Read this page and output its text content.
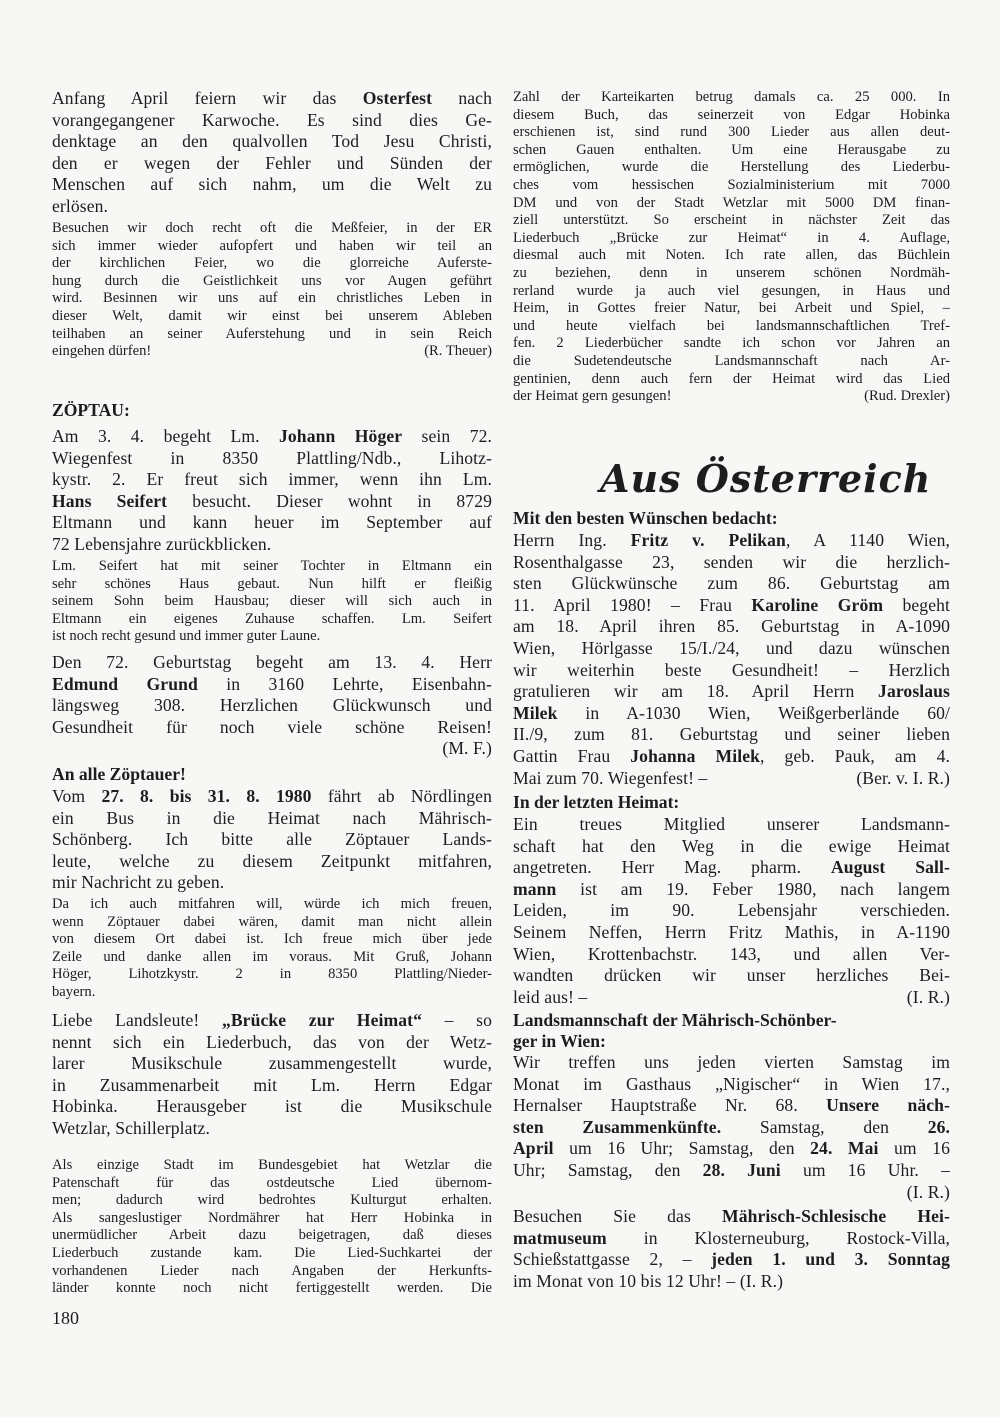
Anfang April feiern wir das Osterfest nach
vorangegangener Karwoche. Es sind dies Ge-
denktage an den qualvollen Tod Jesu Christi,
den er wegen der Fehler und Sünden der
Menschen auf sich nahm, um die Welt zu
erlösen.
Besuchen wir doch recht oft die Meßfeier, in der ER
sich immer wieder aufopfert und haben wir teil an
der kirchlichen Feier, wo die glorreiche Auferste-
hung durch die Geistlichkeit uns vor Augen geführt
wird. Besinnen wir uns auf ein christliches Leben in
dieser Welt, damit wir einst bei unserem Ableben
teilhaben an seiner Auferstehung und in sein Reich
(R. Theuer)
eingehen dürfen!
ZÖPTAU:
Am 3. 4. begeht Lm. Johann Höger sein 72.
Wiegenfest in 8350 Plattling/Ndb., Lihotz-
kystr. 2. Er freut sich immer, wenn ihn Lm.
Hans Seifert besucht. Dieser wohnt in 8729
Eltmann und kann heuer im September auf
72 Lebensjahre zurückblicken.
Lm. Seifert hat mit seiner Tochter in Eltmann ein
sehr schönes Haus gebaut. Nun hilft er fleißig
seinem Sohn beim Hausbau; dieser will sich auch in
Eltmann ein eigenes Zuhause schaffen. Lm. Seifert
ist noch recht gesund und immer guter Laune.
Den 72. Geburtstag begeht am 13. 4. Herr
Edmund Grund in 3160 Lehrte, Eisenbahn-
längsweg 308. Herzlichen Glückwunsch und
Gesundheit für noch viele schöne Reisen!
(M. F.)

An alle Zöptauer!
Vom 27. 8. bis 31. 8. 1980 fährt ab Nördlingen
ein Bus in die Heimat nach Mährisch-
Schönberg. Ich bitte alle Zöptauer Lands-
leute, welche zu diesem Zeitpunkt mitfahren,
mir Nachricht zu geben.
Da ich auch mitfahren will, würde ich mich freuen,
wenn Zöptauer dabei wären, damit man nicht allein
von diesem Ort dabei ist. Ich freue mich über jede
Zeile und danke allen im voraus. Mit Gruß, Johann
Höger, Lihotzkystr. 2 in 8350 Plattling/Nieder-
bayern.
Liebe Landsleute! „Brücke zur Heimat“ – so
nennt sich ein Liederbuch, das von der Wetz-
larer Musikschule zusammengestellt wurde,
in Zusammenarbeit mit Lm. Herrn Edgar
Hobinka. Herausgeber ist die Musikschule
Wetzlar, Schillerplatz.
Als einzige Stadt im Bundesgebiet hat Wetzlar die
Patenschaft für das ostdeutsche Lied übernom-
men; dadurch wird bedrohtes Kulturgut erhalten.
Als sangeslustiger Nordmährer hat Herr Hobinka in
unermüdlicher Arbeit dazu beigetragen, daß dieses
Liederbuch zustande kam. Die Lied-Suchkartei der
vorhandenen Lieder nach Angaben der Herkunfts-
länder konnte noch nicht fertiggestellt werden. Die
180
Zahl der Karteikarten betrug damals ca. 25 000. In
diesem Buch, das seinerzeit von Edgar Hobinka
erschienen ist, sind rund 300 Lieder aus allen deut-
schen Gauen enthalten. Um eine Herausgabe zu
ermöglichen, wurde die Herstellung des Liederbu-
ches vom hessischen Sozialministerium mit 7000
DM und von der Stadt Wetzlar mit 5000 DM finan-
ziell unterstützt. So erscheint in nächster Zeit das
Liederbuch „Brücke zur Heimat“ in 4. Auflage,
diesmal auch mit Noten. Ich rate allen, das Büchlein
zu beziehen, denn in unserem schönen Nordmäh-
rerland wurde ja auch viel gesungen, in Haus und
Heim, in Gottes freier Natur, bei Arbeit und Spiel, –
und heute vielfach bei landsmannschaftlichen Tref-
fen. 2 Liederbücher sandte ich schon vor Jahren an
die Sudetendeutsche Landsmannschaft nach Ar-
gentinien, denn auch fern der Heimat wird das Lied
(Rud. Drexler)
der Heimat gern gesungen!
Aus Österreich
Mit den besten Wünschen bedacht:
Herrn Ing. Fritz v. Pelikan, A 1140 Wien,
Rosenthalgasse 23, senden wir die herzlich-
sten Glückwünsche zum 86. Geburtstag am
11. April 1980! – Frau Karoline Gröm begeht
am 18. April ihren 85. Geburtstag in A-1090
Wien, Hörlgasse 15/I./24, und dazu wünschen
wir weiterhin beste Gesundheit! – Herzlich
gratulieren wir am 18. April Herrn Jaroslaus
Milek in A-1030 Wien, Weißgerberlände 60/
II./9, zum 81. Geburtstag und seiner lieben
Gattin Frau Johanna Milek, geb. Pauk, am 4.
(Ber. v. I. R.)
Mai zum 70. Wiegenfest! –
In der letzten Heimat:
Ein treues Mitglied unserer Landsmann-
schaft hat den Weg in die ewige Heimat
angetreten. Herr Mag. pharm. August Sall-
mann ist am 19. Feber 1980, nach langem
Leiden, im 90. Lebensjahr verschieden.
Seinem Neffen, Herrn Fritz Mathis, in A-1190
Wien, Krottenbachstr. 143, und allen Ver-
wandten drücken wir unser herzliches Bei-
(I. R.)
leid aus! –
Landsmannschaft der Mährisch-Schönber-
ger in Wien:
Wir treffen uns jeden vierten Samstag im
Monat im Gasthaus „Nigischer“ in Wien 17.,
Hernalser Hauptstraße Nr. 68. Unsere näch-
sten Zusammenkünfte. Samstag, den 26.
April um 16 Uhr; Samstag, den 24. Mai um 16
Uhr; Samstag, den 28. Juni um 16 Uhr. –
(I. R.)

Besuchen Sie das Mährisch-Schlesische Hei-
matmuseum in Klosterneuburg, Rostock-Villa,
Schießstattgasse 2, – jeden 1. und 3. Sonntag
im Monat von 10 bis 12 Uhr! – (I. R.)
